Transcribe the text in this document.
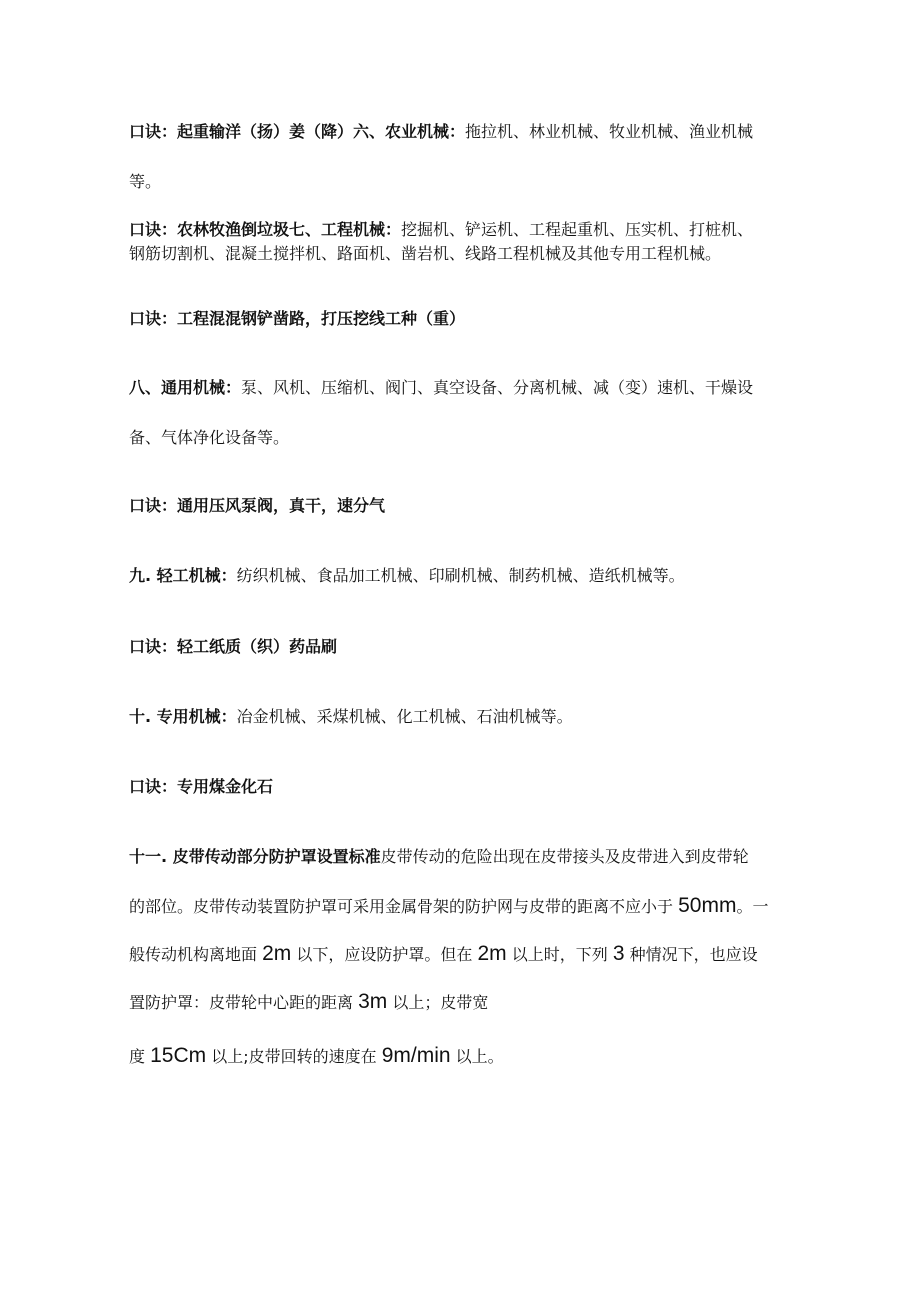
口诀：起重输洋（扬）姜（降）六、农业机械：拖拉机、林业机械、牧业机械、渔业机械
等。
口诀：农林牧渔倒垃圾七、工程机械：挖掘机、铲运机、工程起重机、压实机、打桩机、
钢筋切割机、混凝土搅拌机、路面机、凿岩机、线路工程机械及其他专用工程机械。
口诀：工程混混钢铲凿路，打压挖线工种（重）
八、通用机械：泵、风机、压缩机、阀门、真空设备、分离机械、减（变）速机、干燥设
备、气体净化设备等。
口诀：通用压风泵阀，真干，速分气
九. 轻工机械：纺织机械、食品加工机械、印刷机械、制药机械、造纸机械等。
口诀：轻工纸质（织）药品刷
十. 专用机械：冶金机械、采煤机械、化工机械、石油机械等。
口诀：专用煤金化石
十一. 皮带传动部分防护罩设置标准皮带传动的危险出现在皮带接头及皮带进入到皮带轮
的部位。皮带传动装置防护罩可采用金属骨架的防护网与皮带的距离不应小于 50mm。一
般传动机构离地面 2m 以下，应设防护罩。但在 2m 以上时，下列 3 种情况下，也应设
置防护罩：皮带轮中心距的距离 3m 以上；皮带宽
度 15Cm 以上;皮带回转的速度在 9m/min 以上。
